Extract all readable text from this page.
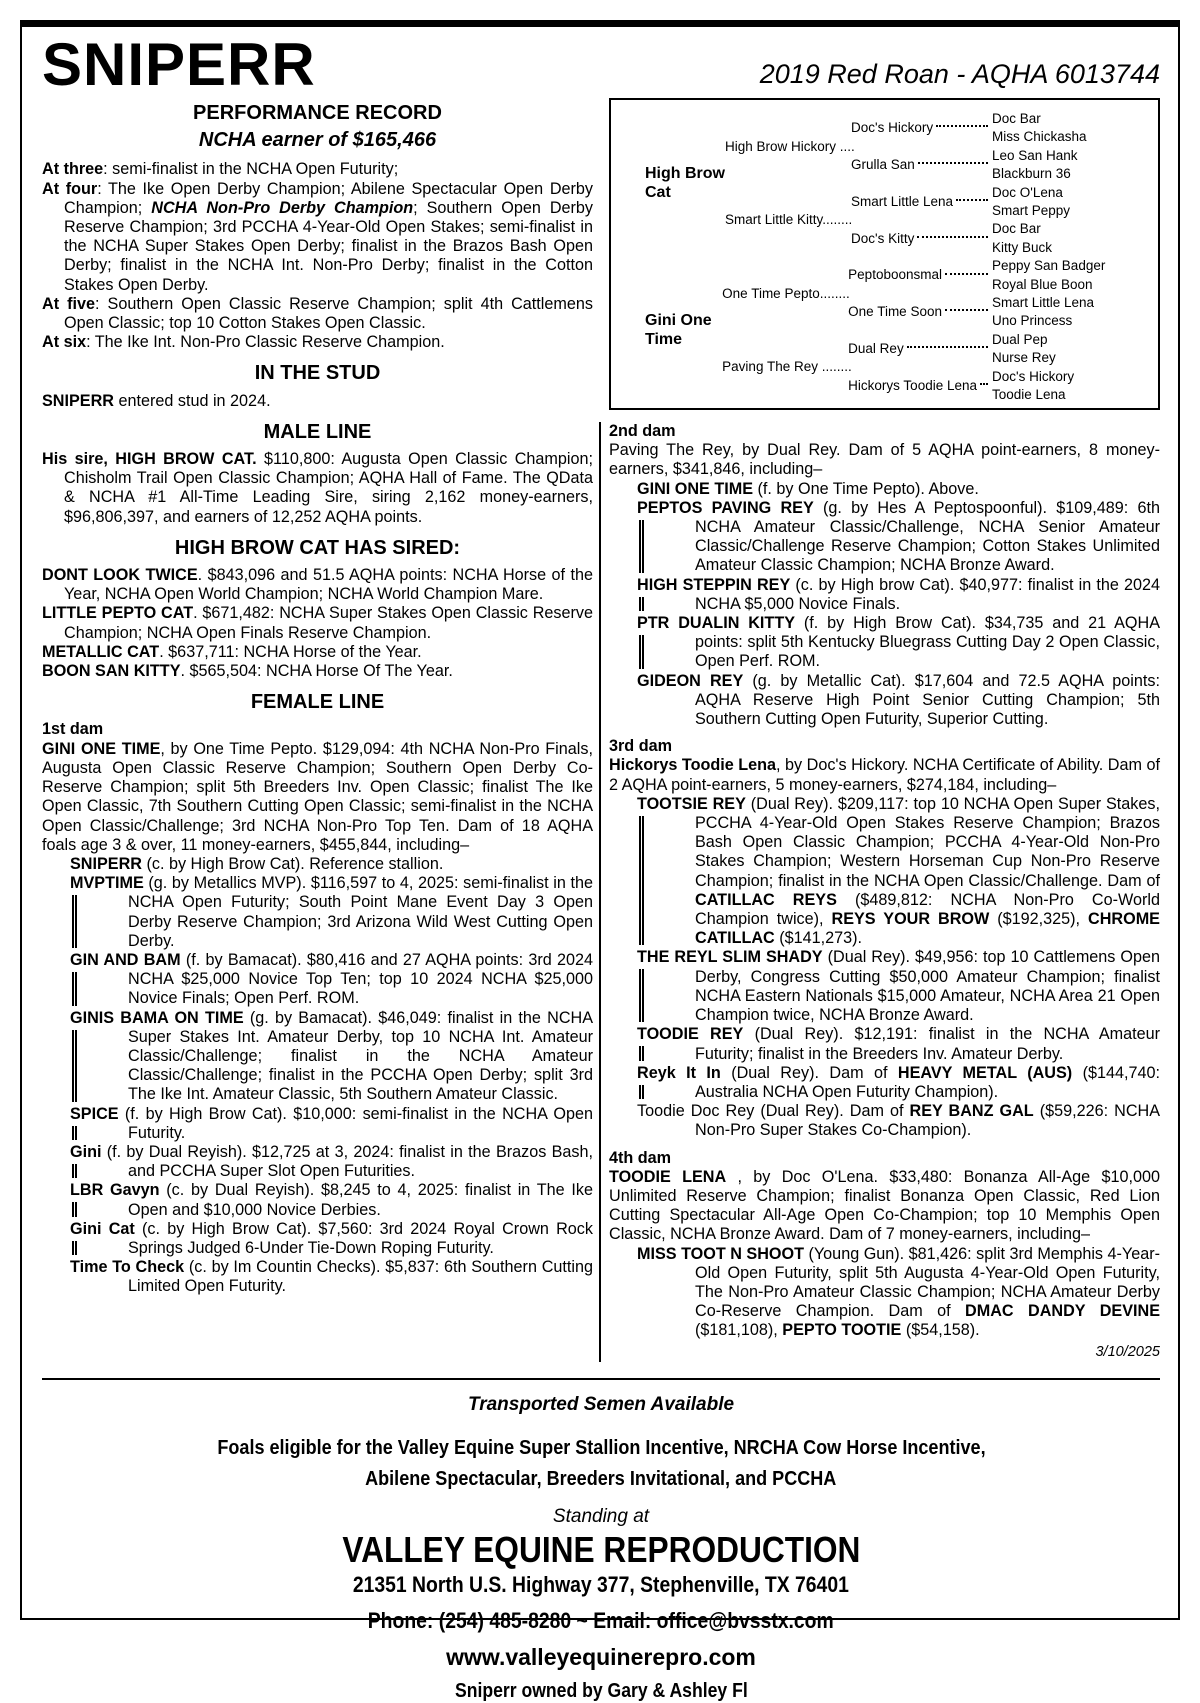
SNIPERR	2019 Red Roan - AQHA 6013744
PERFORMANCE RECORD
NCHA earner of $165,466
At three: semi-finalist in the NCHA Open Futurity;
At four: The Ike Open Derby Champion; Abilene Spectacular Open Derby Champion; NCHA Non-Pro Derby Champion; Southern Open Derby Reserve Champion; 3rd PCCHA 4-Year-Old Open Stakes; semi-finalist in the NCHA Super Stakes Open Derby; finalist in the Brazos Bash Open Derby; finalist in the NCHA Int. Non-Pro Derby; finalist in the Cotton Stakes Open Derby.
At five: Southern Open Classic Reserve Champion; split 4th Cattlemens Open Classic; top 10 Cotton Stakes Open Classic.
At six: The Ike Int. Non-Pro Classic Reserve Champion.
IN THE STUD
SNIPERR entered stud in 2024.
MALE LINE
His sire, HIGH BROW CAT. $110,800: Augusta Open Classic Champion; Chisholm Trail Open Classic Champion; AQHA Hall of Fame. The QData & NCHA #1 All-Time Leading Sire, siring 2,162 money-earners, $96,806,397, and earners of 12,252 AQHA points.
HIGH BROW CAT HAS SIRED:
DONT LOOK TWICE. $843,096 and 51.5 AQHA points: NCHA Horse of the Year, NCHA Open World Champion; NCHA World Champion Mare.
LITTLE PEPTO CAT. $671,482: NCHA Super Stakes Open Classic Reserve Champion; NCHA Open Finals Reserve Champion.
METALLIC CAT. $637,711: NCHA Horse of the Year.
BOON SAN KITTY. $565,504: NCHA Horse Of The Year.
FEMALE LINE
1st dam
GINI ONE TIME, by One Time Pepto. $129,094: 4th NCHA Non-Pro Finals, Augusta Open Classic Reserve Champion; Southern Open Derby Co-Reserve Champion; split 5th Breeders Inv. Open Classic; finalist The Ike Open Classic, 7th Southern Cutting Open Classic; semi-finalist in the NCHA Open Classic/Challenge; 3rd NCHA Non-Pro Top Ten. Dam of 18 AQHA foals age 3 & over, 11 money-earners, $455,844, including–
SNIPERR (c. by High Brow Cat). Reference stallion.
MVPTIME (g. by Metallics MVP). $116,597 to 4, 2025: semi-finalist in the NCHA Open Futurity; South Point Mane Event Day 3 Open Derby Reserve Champion; 3rd Arizona Wild West Cutting Open Derby.
GIN AND BAM (f. by Bamacat). $80,416 and 27 AQHA points: 3rd 2024 NCHA $25,000 Novice Top Ten; top 10 2024 NCHA $25,000 Novice Finals; Open Perf. ROM.
GINIS BAMA ON TIME (g. by Bamacat). $46,049: finalist in the NCHA Super Stakes Int. Amateur Derby, top 10 NCHA Int. Amateur Classic/Challenge; finalist in the NCHA Amateur Classic/Challenge; finalist in the PCCHA Open Derby; split 3rd The Ike Int. Amateur Classic, 5th Southern Amateur Classic.
SPICE (f. by High Brow Cat). $10,000: semi-finalist in the NCHA Open Futurity.
Gini (f. by Dual Reyish). $12,725 at 3, 2024: finalist in the Brazos Bash, and PCCHA Super Slot Open Futurities.
LBR Gavyn (c. by Dual Reyish). $8,245 to 4, 2025: finalist in The Ike Open and $10,000 Novice Derbies.
Gini Cat (c. by High Brow Cat). $7,560: 3rd 2024 Royal Crown Rock Springs Judged 6-Under Tie-Down Roping Futurity.
Time To Check (c. by Im Countin Checks). $5,837: 6th Southern Cutting Limited Open Futurity.
High Brow Cat
High Brow Hickory ....
Doc's Hickory
Doc Bar
Miss Chickasha
Grulla San
Leo San Hank
Blackburn 36
Smart Little Kitty........
Smart Little Lena
Doc O'Lena
Smart Peppy
Doc's Kitty
Doc Bar
Kitty Buck
Gini One Time
One Time Pepto........
Peptoboonsmal
Peppy San Badger
Royal Blue Boon
One Time Soon
Smart Little Lena
Uno Princess
Paving The Rey ........
Dual Rey
Dual Pep
Nurse Rey
Hickorys Toodie Lena
Doc's Hickory
Toodie Lena
2nd dam
Paving The Rey, by Dual Rey. Dam of 5 AQHA point-earners, 8 money-earners, $341,846, including–
GINI ONE TIME (f. by One Time Pepto). Above.
PEPTOS PAVING REY (g. by Hes A Peptospoonful). $109,489: 6th NCHA Amateur Classic/Challenge, NCHA Senior Amateur Classic/Challenge Reserve Champion; Cotton Stakes Unlimited Amateur Classic Champion; NCHA Bronze Award.
HIGH STEPPIN REY (c. by High brow Cat). $40,977: finalist in the 2024 NCHA $5,000 Novice Finals.
PTR DUALIN KITTY (f. by High Brow Cat). $34,735 and 21 AQHA points: split 5th Kentucky Bluegrass Cutting Day 2 Open Classic, Open Perf. ROM.
GIDEON REY (g. by Metallic Cat). $17,604 and 72.5 AQHA points: AQHA Reserve High Point Senior Cutting Champion; 5th Southern Cutting Open Futurity, Superior Cutting.
3rd dam
Hickorys Toodie Lena, by Doc's Hickory. NCHA Certificate of Ability. Dam of 2 AQHA point-earners, 5 money-earners, $274,184, including–
TOOTSIE REY (Dual Rey). $209,117: top 10 NCHA Open Super Stakes, PCCHA 4-Year-Old Open Stakes Reserve Champion; Brazos Bash Open Classic Champion; PCCHA 4-Year-Old Non-Pro Stakes Champion; Western Horseman Cup Non-Pro Reserve Champion; finalist in the NCHA Open Classic/Challenge. Dam of CATILLAC REYS ($489,812: NCHA Non-Pro Co-World Champion twice), REYS YOUR BROW ($192,325), CHROME CATILLAC ($141,273).
THE REYL SLIM SHADY (Dual Rey). $49,956: top 10 Cattlemens Open Derby, Congress Cutting $50,000 Amateur Champion; finalist NCHA Eastern Nationals $15,000 Amateur, NCHA Area 21 Open Champion twice, NCHA Bronze Award.
TOODIE REY (Dual Rey). $12,191: finalist in the NCHA Amateur Futurity; finalist in the Breeders Inv. Amateur Derby.
Reyk It In (Dual Rey). Dam of HEAVY METAL (AUS) ($144,740: Australia NCHA Open Futurity Champion).
Toodie Doc Rey (Dual Rey). Dam of REY BANZ GAL ($59,226: NCHA Non-Pro Super Stakes Co-Champion).
4th dam
TOODIE LENA , by Doc O'Lena. $33,480: Bonanza All-Age $10,000 Unlimited Reserve Champion; finalist Bonanza Open Classic, Red Lion Cutting Spectacular All-Age Open Co-Champion; top 10 Memphis Open Classic, NCHA Bronze Award. Dam of 7 money-earners, including–
MISS TOOT N SHOOT (Young Gun). $81,426: split 3rd Memphis 4-Year-Old Open Futurity, split 5th Augusta 4-Year-Old Open Futurity, The Non-Pro Amateur Classic Champion; NCHA Amateur Derby Co-Reserve Champion. Dam of DMAC DANDY DEVINE ($181,108), PEPTO TOOTIE ($54,158).
3/10/2025
Transported Semen Available
Foals eligible for the Valley Equine Super Stallion Incentive, NRCHA Cow Horse Incentive,
Abilene Spectacular, Breeders Invitational, and PCCHA
Standing at
VALLEY EQUINE REPRODUCTION
21351 North U.S. Highway 377, Stephenville, TX 76401
Phone: (254) 485-8280 ~ Email: office@bvsstx.com
www.valleyequinerepro.com
Sniperr owned by Gary & Ashley Fl
